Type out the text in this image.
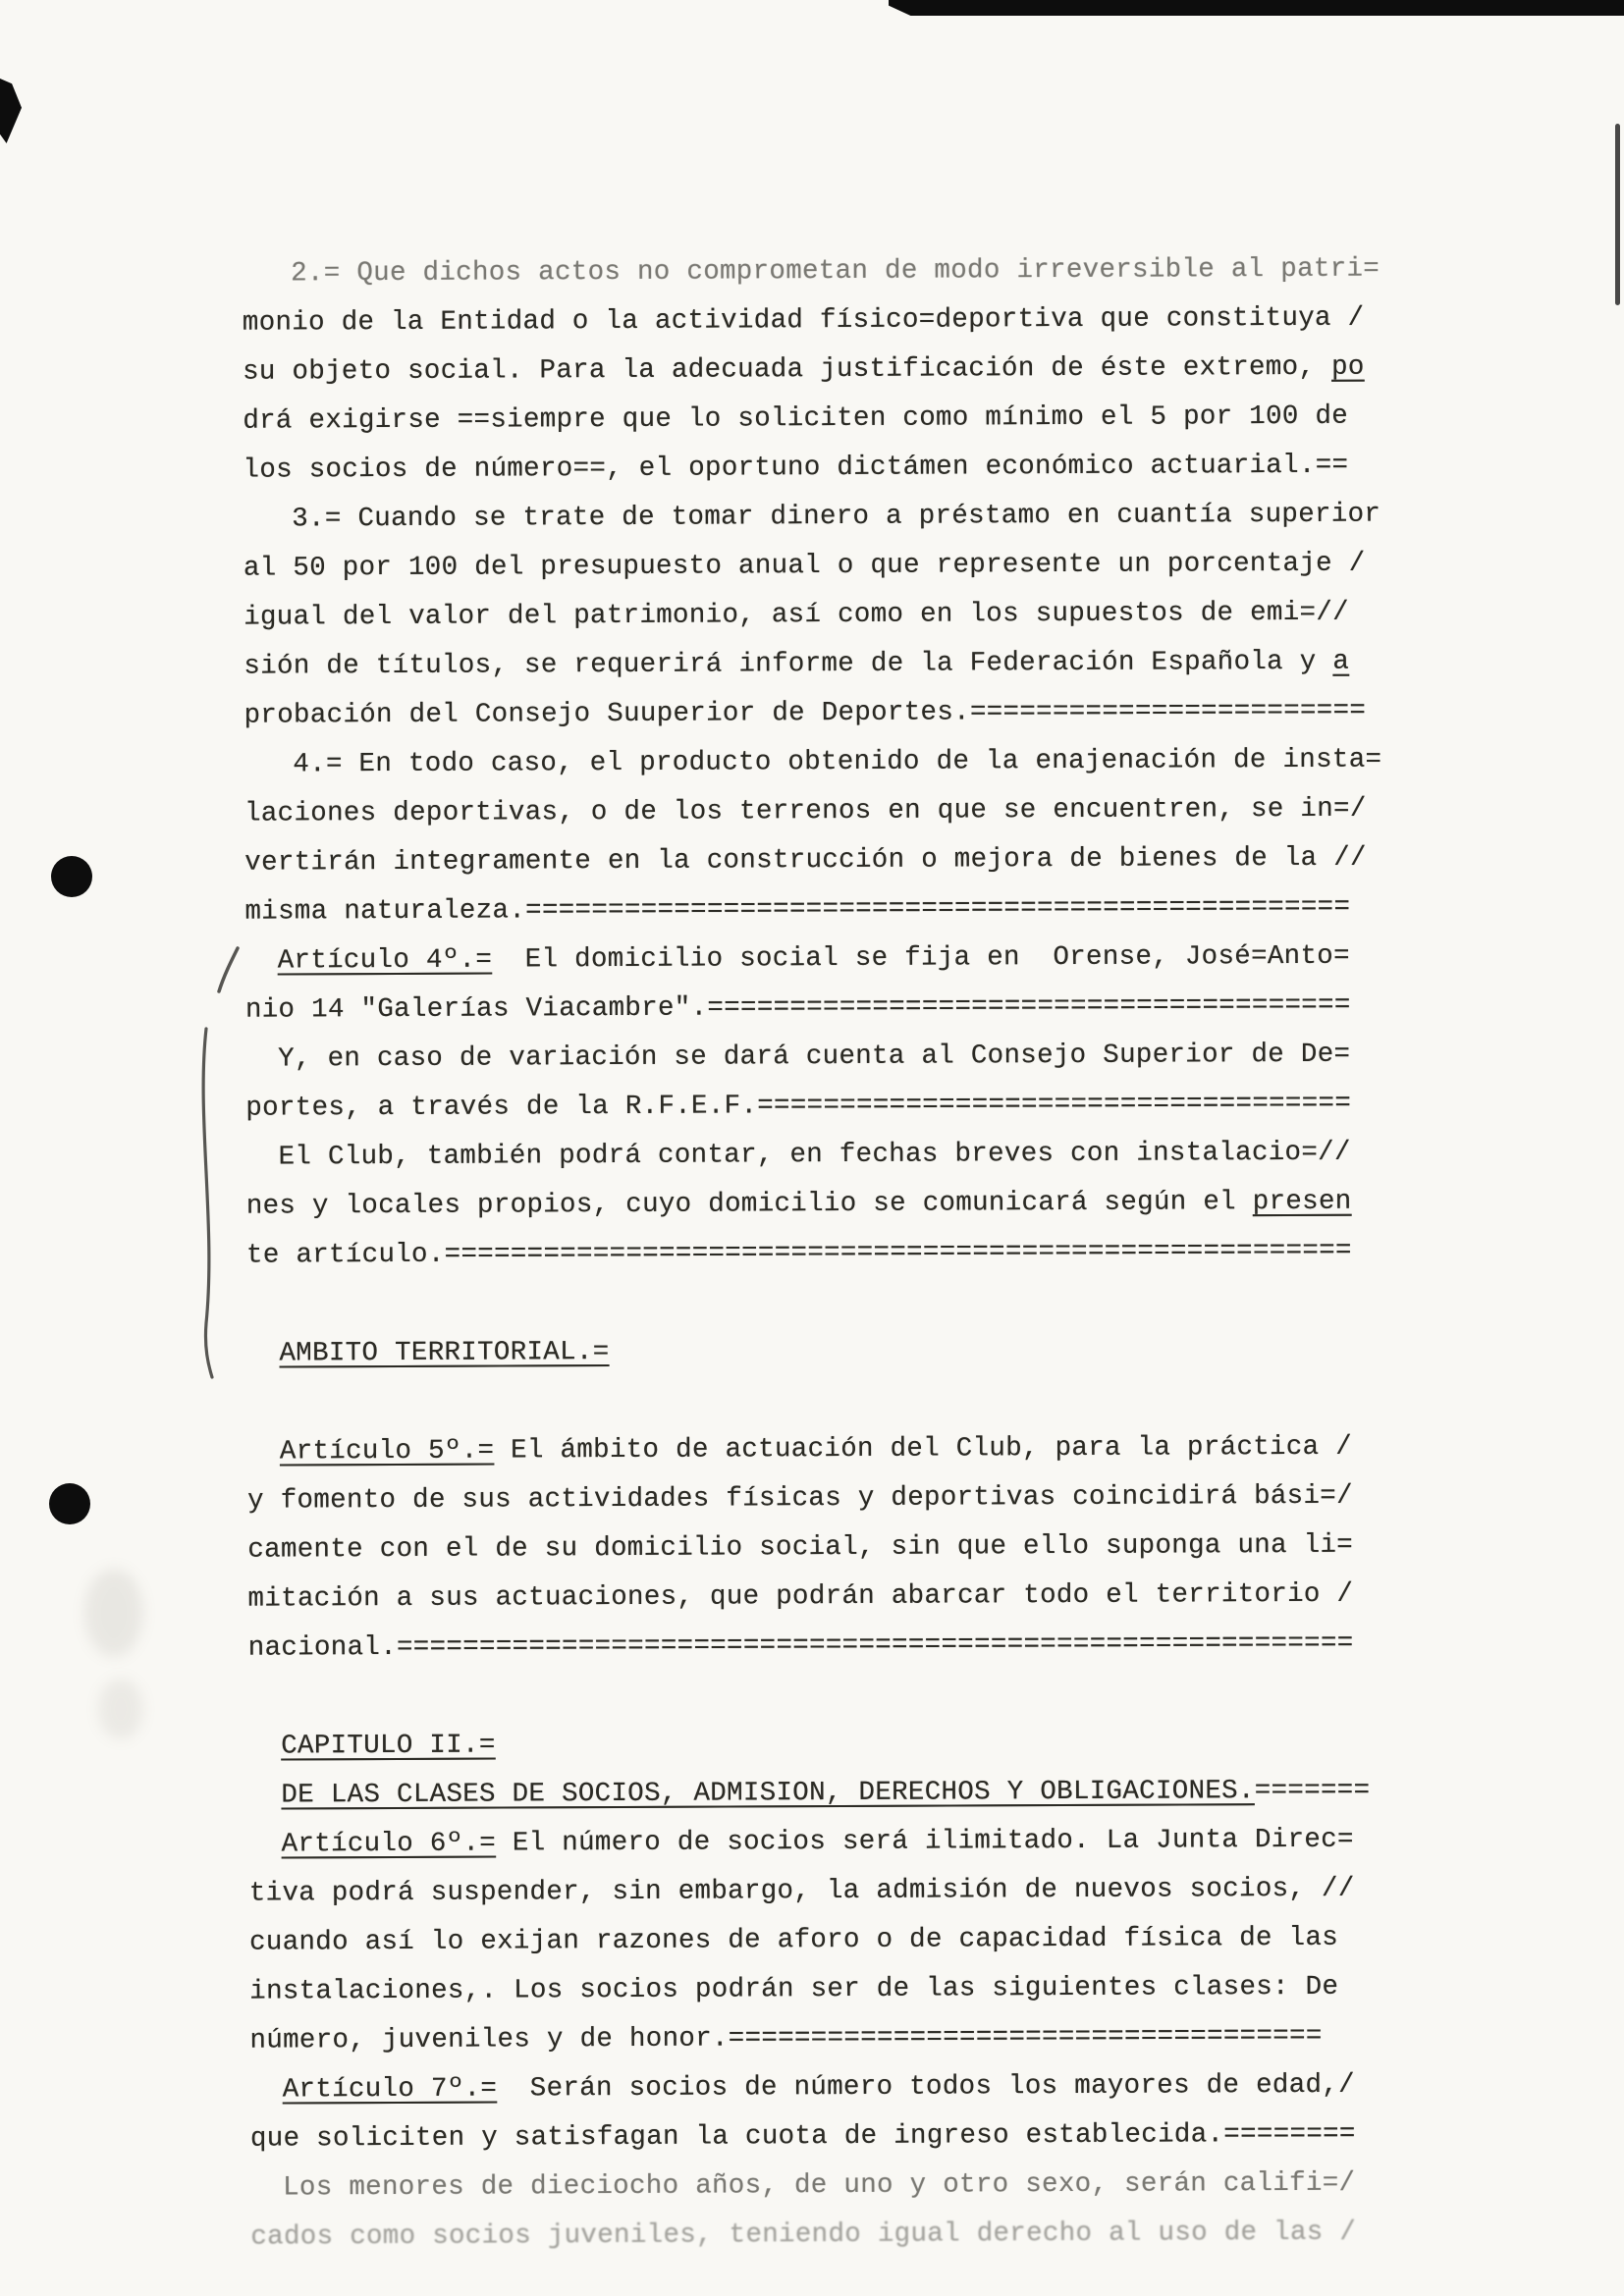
2.= Que dichos actos no comprometan de modo irreversible al patri=
monio de la Entidad o la actividad físico=deportiva que constituya /
su objeto social. Para la adecuada justificación de éste extremo, po
drá exigirse ==siempre que lo soliciten como mínimo el 5 por 100 de
los socios de número==, el oportuno dictámen económico actuarial.==
3.= Cuando se trate de tomar dinero a préstamo en cuantía superior
al 50 por 100 del presupuesto anual o que represente un porcentaje /
igual del valor del patrimonio, así como en los supuestos de emi=//
sión de títulos, se requerirá informe de la Federación Española y a
probación del Consejo Suuperior de Deportes.========================
4.= En todo caso, el producto obtenido de la enajenación de insta=
laciones deportivas, o de los terrenos en que se encuentren, se in=/
vertirán integramente en la construcción o mejora de bienes de la //
misma naturaleza.==================================================
Artículo 4º.=  El domicilio social se fija en  Orense, José=Anto=
nio 14 "Galerías Viacambre".=======================================
Y, en caso de variación se dará cuenta al Consejo Superior de De=
portes, a través de la R.F.E.F.====================================
El Club, también podrá contar, en fechas breves con instalacio=//
nes y locales propios, cuyo domicilio se comunicará según el presen
te artículo.=======================================================
AMBITO TERRITORIAL.=
Artículo 5º.= El ámbito de actuación del Club, para la práctica /
y fomento de sus actividades físicas y deportivas coincidirá bási=/
camente con el de su domicilio social, sin que ello suponga una li=
mitación a sus actuaciones, que podrán abarcar todo el territorio /
nacional.==========================================================
CAPITULO II.=
DE LAS CLASES DE SOCIOS, ADMISION, DERECHOS Y OBLIGACIONES.=======
Artículo 6º.= El número de socios será ilimitado. La Junta Direc=
tiva podrá suspender, sin embargo, la admisión de nuevos socios, //
cuando así lo exijan razones de aforo o de capacidad física de las
instalaciones,. Los socios podrán ser de las siguientes clases: De
número, juveniles y de honor.====================================
Artículo 7º.=  Serán socios de número todos los mayores de edad,/
que soliciten y satisfagan la cuota de ingreso establecida.========
Los menores de dieciocho años, de uno y otro sexo, serán califi=/
cados como socios juveniles, teniendo igual derecho al uso de las /
